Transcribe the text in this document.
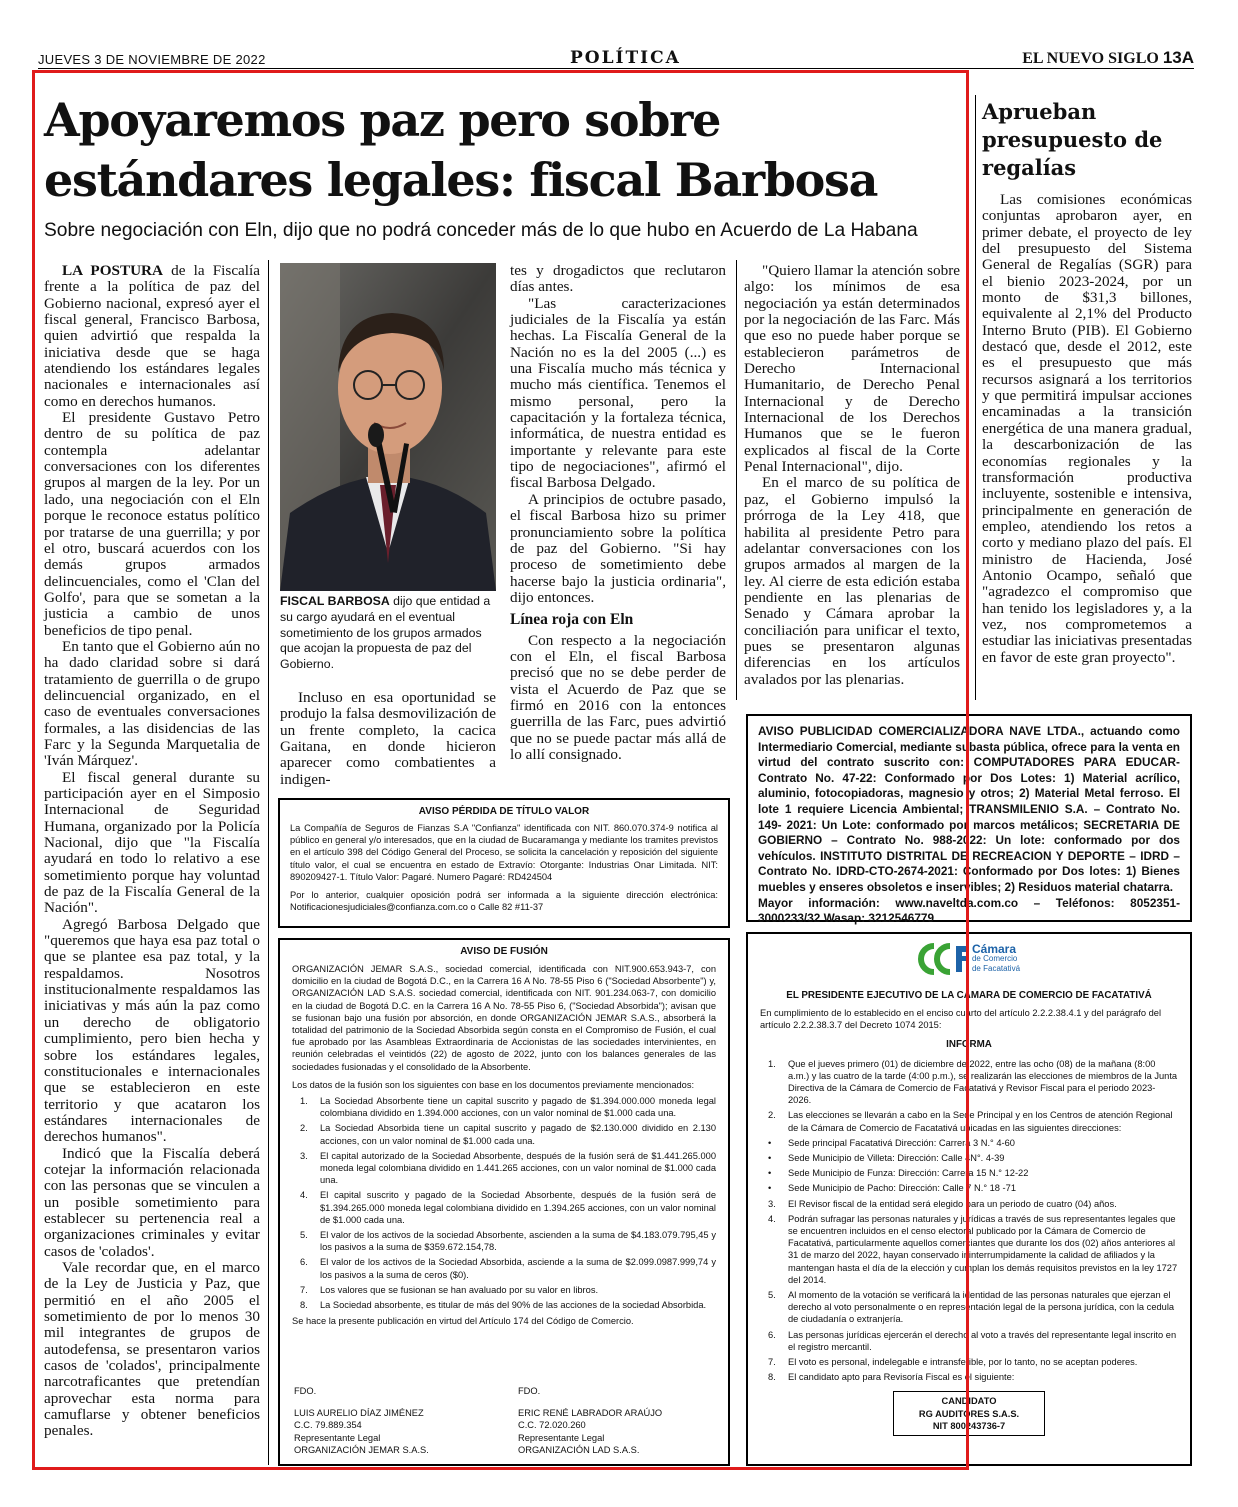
JUEVES 3 DE NOVIEMBRE DE 2022	POLÍTICA	EL NUEVO SIGLO 13A
Apoyaremos paz pero sobre estándares legales: fiscal Barbosa
Sobre negociación con Eln, dijo que no podrá conceder más de lo que hubo en Acuerdo de La Habana

LA POSTURA de la Fiscalía frente a la política de paz del Gobierno nacional, expresó ayer el fiscal general, Francisco Barbosa, quien advirtió que respalda la iniciativa desde que se haga atendiendo los estándares legales nacionales e internacionales así como en derechos humanos.

El presidente Gustavo Petro dentro de su política de paz contempla adelantar conversaciones con los diferentes grupos al margen de la ley. Por un lado, una negociación con el Eln porque le reconoce estatus político por tratarse de una guerrilla; y por el otro, buscará acuerdos con los demás grupos armados delincuenciales, como el 'Clan del Golfo', para que se sometan a la justicia a cambio de unos beneficios de tipo penal.

En tanto que el Gobierno aún no ha dado claridad sobre si dará tratamiento de guerrilla o de grupo delincuencial organizado, en el caso de eventuales conversaciones formales, a las disidencias de las Farc y la Segunda Marquetalia de 'Iván Márquez'.

El fiscal general durante su participación ayer en el Simposio Internacional de Seguridad Humana, organizado por la Policía Nacional, dijo que "la Fiscalía ayudará en todo lo relativo a ese sometimiento porque hay voluntad de paz de la Fiscalía General de la Nación".

Agregó Barbosa Delgado que "queremos que haya esa paz total o que se plantee esa paz total, y la respaldamos. Nosotros institucionalmente respaldamos las iniciativas y más aún la paz como un derecho de obligatorio cumplimiento, pero bien hecha y sobre los estándares legales, constitucionales e internacionales que se establecieron en este territorio y que acataron los estándares internacionales de derechos humanos".

Indicó que la Fiscalía deberá cotejar la información relacionada con las personas que se vinculen a un posible sometimiento para establecer su pertenencia real a organizaciones criminales y evitar casos de 'colados'.

Vale recordar que, en el marco de la Ley de Justicia y Paz, que permitió en el año 2005 el sometimiento de por lo menos 30 mil integrantes de grupos de autodefensa, se presentaron varios casos de 'colados', principalmente narcotraficantes que pretendían aprovechar esta norma para camuflarse y obtener beneficios penales.

FISCAL BARBOSA dijo que entidad a su cargo ayudará en el eventual sometimiento de los grupos armados que acojan la propuesta de paz del Gobierno.

Incluso en esa oportunidad se produjo la falsa desmovilización de un frente completo, la cacica Gaitana, en donde hicieron aparecer como combatientes a indigen-

tes y drogadictos que reclutaron días antes.

"Las caracterizaciones judiciales de la Fiscalía ya están hechas. La Fiscalía General de la Nación no es la del 2005 (...) es una Fiscalía mucho más técnica y mucho más científica. Tenemos el mismo personal, pero la capacitación y la fortaleza técnica, informática, de nuestra entidad es importante y relevante para este tipo de negociaciones", afirmó el fiscal Barbosa Delgado.

A principios de octubre pasado, el fiscal Barbosa hizo su primer pronunciamiento sobre la política de paz del Gobierno. "Si hay proceso de sometimiento debe hacerse bajo la justicia ordinaria", dijo entonces.

Línea roja con Eln

Con respecto a la negociación con el Eln, el fiscal Barbosa precisó que no se debe perder de vista el Acuerdo de Paz que se firmó en 2016 con la entonces guerrilla de las Farc, pues advirtió que no se puede pactar más allá de lo allí consignado.

"Quiero llamar la atención sobre algo: los mínimos de esa negociación ya están determinados por la negociación de las Farc. Más que eso no puede haber porque se establecieron parámetros de Derecho Internacional Humanitario, de Derecho Penal Internacional y de Derecho Internacional de los Derechos Humanos que se le fueron explicados al fiscal de la Corte Penal Internacional", dijo.

En el marco de su política de paz, el Gobierno impulsó la prórroga de la Ley 418, que habilita al presidente Petro para adelantar conversaciones con los grupos armados al margen de la ley. Al cierre de esta edición estaba pendiente en las plenarias de Senado y Cámara aprobar la conciliación para unificar el texto, pues se presentaron algunas diferencias en los artículos avalados por las plenarias.

Aprueban presupuesto de regalías

Las comisiones económicas conjuntas aprobaron ayer, en primer debate, el proyecto de ley del presupuesto del Sistema General de Regalías (SGR) para el bienio 2023-2024, por un monto de $31,3 billones, equivalente al 2,1% del Producto Interno Bruto (PIB). El Gobierno destacó que, desde el 2012, este es el presupuesto que más recursos asignará a los territorios y que permitirá impulsar acciones encaminadas a la transición energética de una manera gradual, la descarbonización de las economías regionales y la transformación productiva incluyente, sostenible e intensiva, principalmente en generación de empleo, atendiendo los retos a corto y mediano plazo del país. El ministro de Hacienda, José Antonio Ocampo, señaló que "agradezco el compromiso que han tenido los legisladores y, a la vez, nos comprometemos a estudiar las iniciativas presentadas en favor de este gran proyecto".

AVISO PÉRDIDA DE TÍTULO VALOR

La Compañía de Seguros de Fianzas S.A "Confianza" identificada con NIT. 860.070.374-9 notifica al público en general y/o interesados, que en la ciudad de Bucaramanga y mediante los tramites previstos en el artículo 398 del Código General del Proceso, se solicita la cancelación y reposición del siguiente título valor, el cual se encuentra en estado de Extravío: Otorgante: Industrias Onar Limitada. NIT: 890209427-1. Título Valor: Pagaré. Numero Pagaré: RD424504

Por lo anterior, cualquier oposición podrá ser informada a la siguiente dirección electrónica: Notificacionesjudiciales@confianza.com.co o Calle 82 #11-37

AVISO DE FUSIÓN

ORGANIZACIÓN JEMAR S.A.S., sociedad comercial, identificada con NIT.900.653.943-7, con domicilio en la ciudad de Bogotá D.C., en la Carrera 16 A No. 78-55 Piso 6 ("Sociedad Absorbente") y, ORGANIZACIÓN LAD S.A.S. sociedad comercial, identificada con NIT. 901.234.063-7, con domicilio en la ciudad de Bogotá D.C. en la Carrera 16 A No. 78-55 Piso 6, ("Sociedad Absorbida"); avisan que se fusionan bajo una fusión por absorción, en donde ORGANIZACIÓN JEMAR S.A.S., absorberá la totalidad del patrimonio de la Sociedad Absorbida según consta en el Compromiso de Fusión, el cual fue aprobado por las Asambleas Extraordinaria de Accionistas de las sociedades intervinientes, en reunión celebradas el veintidós (22) de agosto de 2022, junto con los balances generales de las sociedades fusionadas y el consolidado de la Absorbente.

Los datos de la fusión son los siguientes con base en los documentos previamente mencionados:

1. La Sociedad Absorbente tiene un capital suscrito y pagado de $1.394.000.000 moneda legal colombiana dividido en 1.394.000 acciones, con un valor nominal de $1.000 cada una.
2. La Sociedad Absorbida tiene un capital suscrito y pagado de $2.130.000 dividido en 2.130 acciones, con un valor nominal de $1.000 cada una.
3. El capital autorizado de la Sociedad Absorbente, después de la fusión será de $1.441.265.000 moneda legal colombiana dividido en 1.441.265 acciones, con un valor nominal de $1.000 cada una.
4. El capital suscrito y pagado de la Sociedad Absorbente, después de la fusión será de $1.394.265.000 moneda legal colombiana dividido en 1.394.265 acciones, con un valor nominal de $1.000 cada una.
5. El valor de los activos de la sociedad Absorbente, ascienden a la suma de $4.183.079.795,45 y los pasivos a la suma de $359.672.154,78.
6. El valor de los activos de la Sociedad Absorbida, asciende a la suma de $2.099.0987.999,74 y los pasivos a la suma de ceros ($0).
7. Los valores que se fusionan se han avaluado por su valor en libros.
8. La Sociedad absorbente, es titular de más del 90% de las acciones de la sociedad Absorbida.

Se hace la presente publicación en virtud del Artículo 174 del Código de Comercio.

FDO.

LUIS AURELIO DÍAZ JIMÉNEZ

C.C. 79.889.354

Representante Legal

ORGANIZACIÓN JEMAR S.A.S.

FDO.

ERIC RENÉ LABRADOR ARAÚJO

C.C. 72.020.260

Representante Legal

ORGANIZACIÓN LAD S.A.S.

AVISO PUBLICIDAD COMERCIALIZADORA NAVE LTDA., actuando como Intermediario Comercial, mediante subasta pública, ofrece para la venta en virtud del contrato suscrito con: COMPUTADORES PARA EDUCAR- Contrato No. 47-22: Conformado por Dos Lotes: 1) Material acrílico, aluminio, fotocopiadoras, magnesio y otros; 2) Material Metal ferroso. El lote 1 requiere Licencia Ambiental; TRANSMILENIO S.A. – Contrato No. 149- 2021: Un Lote: conformado por marcos metálicos; SECRETARIA DE GOBIERNO – Contrato No. 988-2022: Un lote: conformado por dos vehículos. INSTITUTO DISTRITAL DE RECREACION Y DEPORTE – IDRD – Contrato No. IDRD-CTO-2674-2021: Conformado por Dos lotes: 1) Bienes muebles y enseres obsoletos e inservibles; 2) Residuos material chatarra.

Mayor información: www.naveltda.com.co – Teléfonos: 8052351-3000233/32 Wasap: 3212546779

Cámara
de Comercio
de Facatativá
EL PRESIDENTE EJECUTIVO DE LA CÁMARA DE COMERCIO DE FACATATIVÁ

En cumplimiento de lo establecido en el enciso cuarto del artículo 2.2.2.38.4.1 y del parágrafo del artículo 2.2.2.38.3.7 del Decreto 1074 2015:

INFORMA
1. Que el jueves primero (01) de diciembre de 2022, entre las ocho (08) de la mañana (8:00 a.m.) y las cuatro de la tarde (4:00 p.m.), se realizarán las elecciones de miembros de la Junta Directiva de la Cámara de Comercio de Facatativá y Revisor Fiscal para el periodo 2023- 2026.
2. Las elecciones se llevarán a cabo en la Sede Principal y en los Centros de atención Regional de la Cámara de Comercio de Facatativá ubicadas en las siguientes direcciones:
• Sede principal Facatativá Dirección: Carrera 3 N.° 4-60
• Sede Municipio de Villeta: Dirección: Calle 4N°. 4-39
• Sede Municipio de Funza: Dirección: Carrera 15 N.° 12-22
• Sede Municipio de Pacho: Dirección: Calle 7 N.° 18 -71
3. El Revisor fiscal de la entidad será elegido para un periodo de cuatro (04) años.
4. Podrán sufragar las personas naturales y jurídicas a través de sus representantes legales que se encuentren incluidos en el censo electoral publicado por la Cámara de Comercio de Facatativá, particularmente aquellos comerciantes que durante los dos (02) años anteriores al 31 de marzo del 2022, hayan conservado ininterrumpidamente la calidad de afiliados y la mantengan hasta el día de la elección y cumplan los demás requisitos previstos en la ley 1727 del 2014.
5. Al momento de la votación se verificará la identidad de las personas naturales que ejerzan el derecho al voto personalmente o en representación legal de la persona jurídica, con la cedula de ciudadanía o extranjería.
6. Las personas jurídicas ejercerán el derecho al voto a través del representante legal inscrito en el registro mercantil.
7. El voto es personal, indelegable e intransferible, por lo tanto, no se aceptan poderes.
8. El candidato apto para Revisoría Fiscal es el siguiente:

CANDIDATO

RG AUDITORES S.A.S.

NIT 800243736-7
